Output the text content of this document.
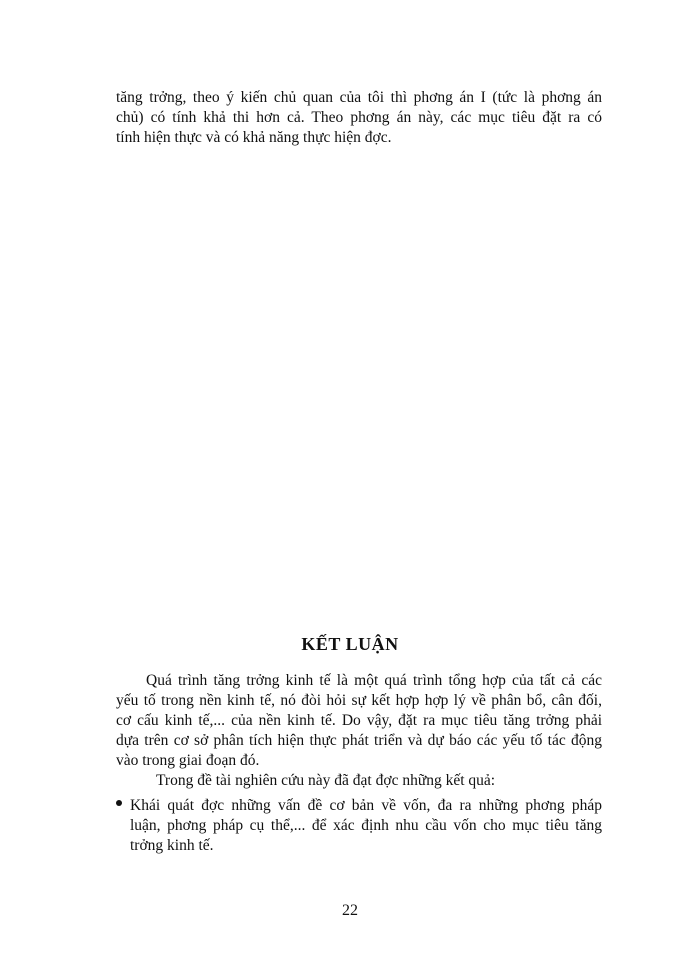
tăng trởng, theo ý kiến chủ quan của tôi thì phơng án I (tức là phơng án
chủ) có tính khả thi hơn cả. Theo phơng án này, các mục tiêu đặt ra có
tính hiện thực và có khả năng thực hiện đợc.
KẾT LUẬN
Quá trình tăng trởng kinh tế là một quá trình tổng hợp của tất cả các
yếu tố trong nền kinh tế, nó đòi hỏi sự kết hợp hợp lý về phân bổ, cân đối,
cơ cấu kinh tế,... của nền kinh tế. Do vậy, đặt ra mục tiêu tăng trởng phải
dựa trên cơ sở phân tích hiện thực phát triển và dự báo các yếu tố tác động
vào trong giai đoạn đó.

Trong đề tài nghiên cứu này đã đạt đợc những kết quả:

Khái quát đợc những vấn đề cơ bản về vốn, đa ra những phơng pháp
luận, phơng pháp cụ thể,... để xác định nhu cầu vốn cho mục tiêu tăng
trởng kinh tế.

22
